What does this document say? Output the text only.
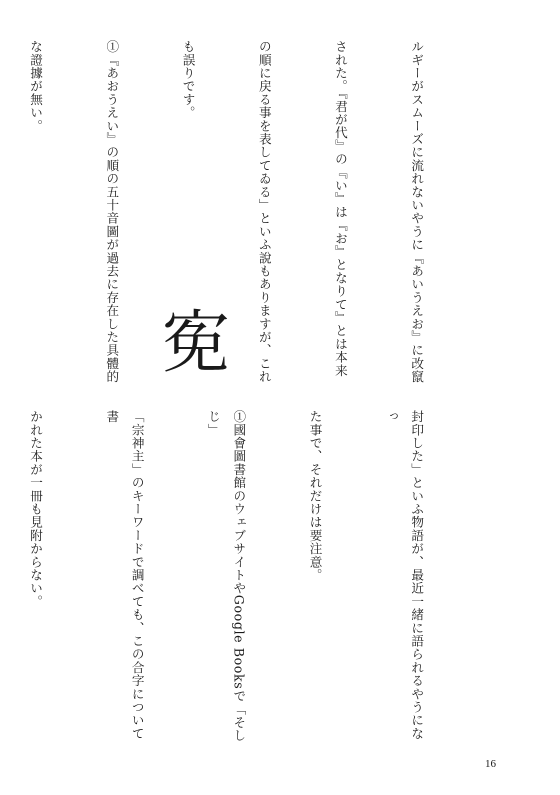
ルギーがスムーズに流れないやうに『あいうえお』に改竄

された。『君が代』の『い』は『お』となりて』とは本来

の順に戻る事を表してゐる」といふ說もありますが、これ

も誤りです。

①『あおうえい』の順の五十音圖が過去に存在した具體的

な證據が無い。

𡨚

封印した」といふ物語が、最近一緒に語られるやうになっ

た事で、それだけは要注意。

①國會圖書館のウェブサイトやGoogle Booksで「そしじ」

「宗神主」のキーワードで調べても、この合字について書

かれた本が一冊も見附からない。

16
